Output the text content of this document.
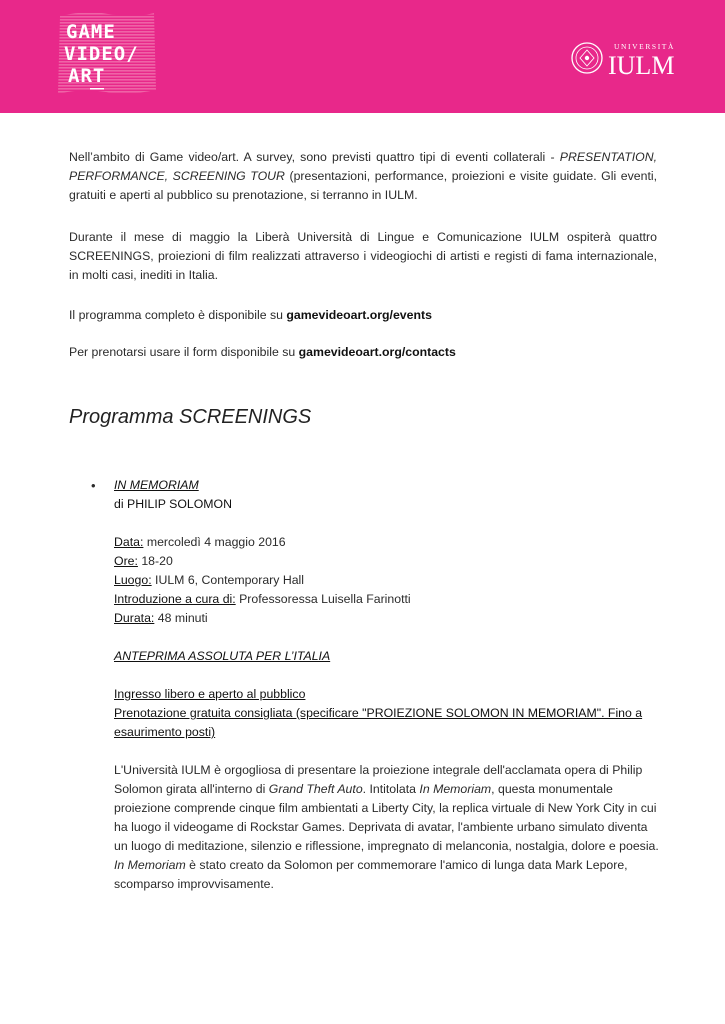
GAME
VIDEO/
ART
UNIVERSITÀ
IULM

Nell’ambito di Game video/art. A survey, sono previsti quattro tipi di eventi collaterali - PRESENTATION, PERFORMANCE, SCREENING TOUR (presentazioni, performance, proiezioni e visite guidate. Gli eventi, gratuiti e aperti al pubblico su prenotazione, si terranno in IULM.

Durante il mese di maggio la Liberà Università di Lingue e Comunicazione IULM ospiterà quattro SCREENINGS, proiezioni di film realizzati attraverso i videogiochi di artisti e registi di fama internazionale, in molti casi, inediti in Italia.

Il programma completo è disponibile su gamevideoart.org/events

Per prenotarsi usare il form disponibile su gamevideoart.org/contacts

Programma SCREENINGS
• IN MEMORIAM
di PHILIP SOLOMON
Data: mercoledì 4 maggio 2016
Ore: 18-20
Luogo: IULM 6, Contemporary Hall
Introduzione a cura di: Professoressa Luisella Farinotti
Durata: 48 minuti
ANTEPRIMA ASSOLUTA PER L’ITALIA
Ingresso libero e aperto al pubblico
Prenotazione gratuita consigliata (specificare "PROIEZIONE SOLOMON IN MEMORIAM". Fino a esaurimento posti)

L'Università IULM è orgogliosa di presentare la proiezione integrale dell'acclamata opera di Philip Solomon girata all'interno di Grand Theft Auto. Intitolata In Memoriam, questa monumentale proiezione comprende cinque film ambientati a Liberty City, la replica virtuale di New York City in cui ha luogo il videogame di Rockstar Games. Deprivata di avatar, l'ambiente urbano simulato diventa un luogo di meditazione, silenzio e riflessione, impregnato di melanconia, nostalgia, dolore e poesia. In Memoriam è stato creato da Solomon per commemorare l'amico di lunga data Mark Lepore, scomparso improvvisamente.
